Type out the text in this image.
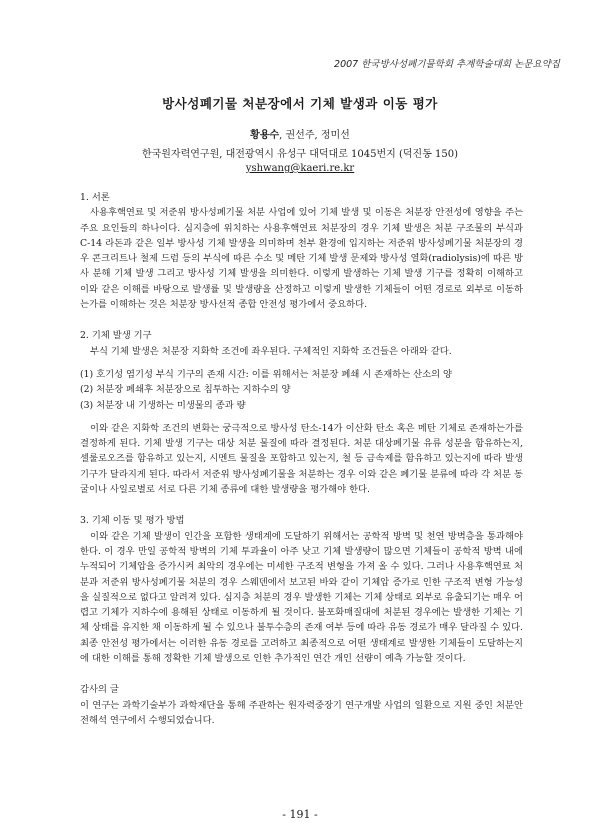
2007 한국방사성폐기물학회 추계학술대회 논문요약집
방사성폐기물 처분장에서 기체 발생과 이동 평가
황용수, 권선주, 정미선
한국원자력연구원, 대전광역시 유성구 대덕대로 1045번지 (덕진동 150)
yshwang@kaeri.re.kr
1. 서론
사용후핵연료 및 저준위 방사성폐기물 처분 사업에 있어 기체 발생 및 이동은 처분장 안전성에 영향을 주는 주요 요인들의 하나이다. 심지층에 위치하는 사용후핵연료 처분장의 경우 기체 발생은 처분 구조물의 부식과 C-14 라돈과 같은 일부 방사성 기체 발생을 의미하며 천부 환경에 입지하는 저준위 방사성폐기물 처분장의 경우 콘크리트나 철제 드럼 등의 부식에 따른 수소 및 메탄 기체 발생 문제와 방사성 열화(radiolysis)에 따른 방사 분해 기체 발생 그리고 방사성 기체 발생을 의미한다. 이렇게 발생하는 기체 발생 기구를 정확히 이해하고 이와 같은 이해를 바탕으로 발생률 및 발생량을 산정하고 이렇게 발생한 기체들이 어떤 경로로 외부로 이동하는가를 이해하는 것은 처분장 방사선적 종합 안전성 평가에서 중요하다.
2. 기체 발생 기구
부식 기체 발생은 처분장 지화학 조건에 좌우된다. 구체적인 지화학 조건들은 아래와 같다.
(1) 호기성 염기성 부식 기구의 존재 시간: 이를 위해서는 처분장 폐쇄 시 존재하는 산소의 양
(2) 처분장 폐쇄후 처분장으로 침투하는 지하수의 양
(3) 처분장 내 기생하는 미생물의 종과 량
이와 같은 지화학 조건의 변화는 궁극적으로 방사성 탄소-14가 이산화 탄소 혹은 메탄 기체로 존재하는가를 결정하게 된다. 기체 발생 기구는 대상 처분 물질에 따라 결정된다. 처분 대상폐기물 유류 성분을 함유하는지, 셀룰로오즈를 함유하고 있는지, 시멘트 물질을 포함하고 있는지, 철 등 금속제를 함유하고 있는지에 따라 발생 기구가 달라지게 된다. 따라서 저준위 방사성폐기물을 처분하는 경우 이와 같은 폐기물 분류에 따라 각 처분 동굴이나 사일로별로 서로 다른 기체 종류에 대한 발생량을 평가해야 한다.
3. 기체 이동 및 평가 방법
이와 같은 기체 발생이 인간을 포함한 생태계에 도달하기 위해서는 공학적 방벽 및 천연 방벽층을 통과해야 한다. 이 경우 만일 공학적 방벽의 기체 투과율이 아주 낮고 기체 발생량이 많으면 기체들이 공학적 방벽 내에 누적되어 기체압을 증가시켜 최악의 경우에는 미세한 구조적 변형을 가져 올 수 있다. 그러나 사용후핵연료 처분과 저준위 방사성폐기물 처분의 경우 스웨덴에서 보고된 바와 같이 기체압 증가로 인한 구조적 변형 가능성을 실질적으로 없다고 알려져 있다. 심지층 처분의 경우 발생한 기체는 기체 상태로 외부로 유출되기는 매우 어렵고 기체가 지하수에 용해된 상태로 이동하게 될 것이다. 불포화매질대에 처분된 경우에는 발생한 기체는 기체 상태를 유지한 채 이동하게 될 수 있으나 불투수층의 존재 여부 등에 따라 유동 경로가 매우 달라질 수 있다. 최종 안전성 평가에서는 이러한 유동 경로를 고려하고 최종적으로 어떤 생태계로 발생한 기체들이 도달하는지에 대한 이해를 통해 정확한 기체 발생으로 인한 추가적인 연간 개인 선량이 예측 가능할 것이다.
감사의 글
이 연구는 과학기술부가 과학재단을 통해 주관하는 원자력중장기 연구개발 사업의 일환으로 지원 중인 처분안전해석 연구에서 수행되었습니다.
- 191 -
